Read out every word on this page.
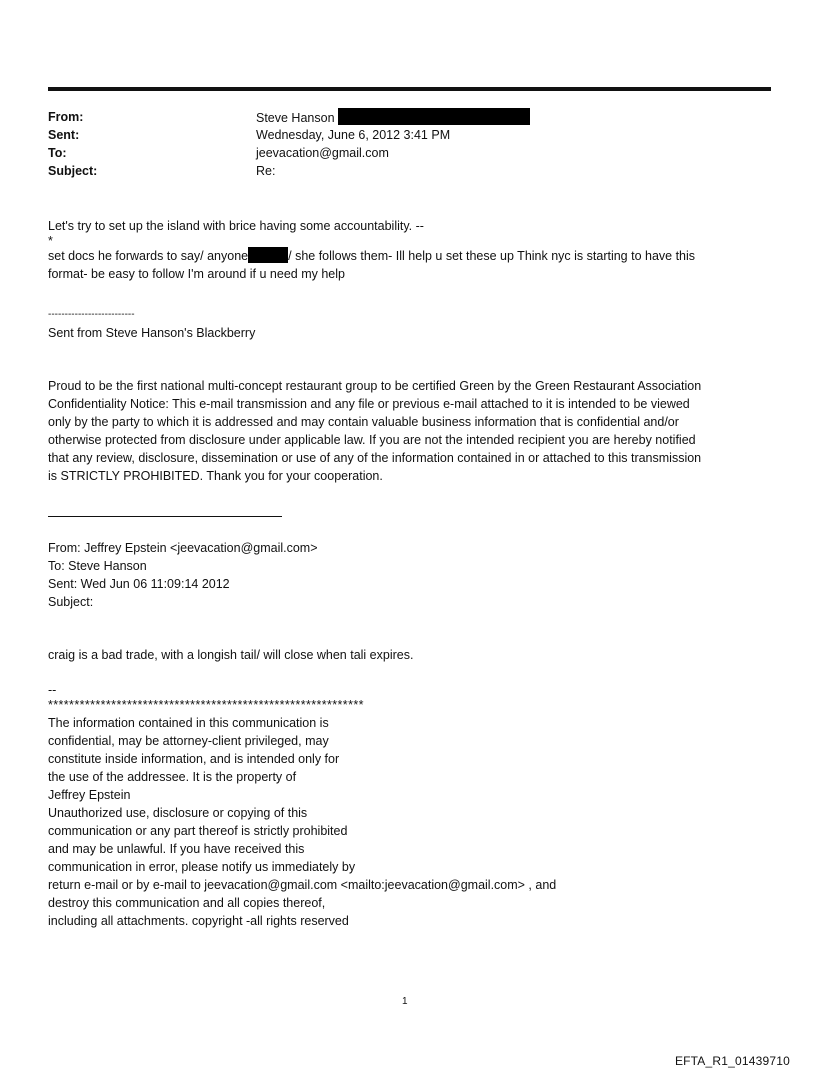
From:	Steve Hanson
Sent:	Wednesday, June 6, 2012 3:41 PM
To:	jeevacation@gmail.com
Subject:	Re:

Let's try to set up the island with brice having some accountability. --

*

set docs he forwards to say/ anyone	/ she follows them- Ill help u set these up Think nyc is starting to have this

format- be easy to follow I'm around if u need my help

--------------------------

Sent from Steve Hanson's Blackberry

Proud to be the first national multi-concept restaurant group to be certified Green by the Green Restaurant Association

Confidentiality Notice: This e-mail transmission and any file or previous e-mail attached to it is intended to be viewed

only by the party to which it is addressed and may contain valuable business information that is confidential and/or

otherwise protected from disclosure under applicable law. If you are not the intended recipient you are hereby notified

that any review, disclosure, dissemination or use of any of the information contained in or attached to this transmission

is STRICTLY PROHIBITED. Thank you for your cooperation.

From: Jeffrey Epstein <jeevacation@gmail.com>

To: Steve Hanson

Sent: Wed Jun 06 11:09:14 2012

Subject:

craig is a bad trade, with a longish tail/ will close when tali expires.

--

************************************************************

The information contained in this communication is

confidential, may be attorney-client privileged, may

constitute inside information, and is intended only for

the use of the addressee. It is the property of

Jeffrey Epstein

Unauthorized use, disclosure or copying of this

communication or any part thereof is strictly prohibited

and may be unlawful. If you have received this

communication in error, please notify us immediately by

return e-mail or by e-mail to jeevacation@gmail.com <mailto:jeevacation@gmail.com> , and

destroy this communication and all copies thereof,

including all attachments. copyright -all rights reserved

1
EFTA_R1_01439710
